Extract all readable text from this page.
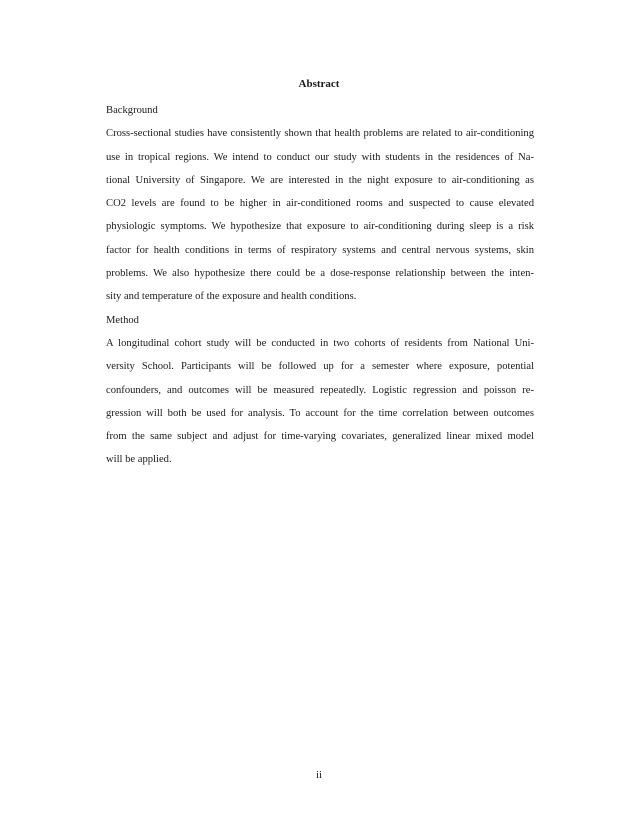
Abstract
Background
Cross-sectional studies have consistently shown that health problems are related to air-conditioning
use in tropical regions. We intend to conduct our study with students in the residences of Na-
tional University of Singapore. We are interested in the night exposure to air-conditioning as
CO2 levels are found to be higher in air-conditioned rooms and suspected to cause elevated
physiologic symptoms. We hypothesize that exposure to air-conditioning during sleep is a risk
factor for health conditions in terms of respiratory systems and central nervous systems, skin
problems. We also hypothesize there could be a dose-response relationship between the inten-
sity and temperature of the exposure and health conditions.
Method
A longitudinal cohort study will be conducted in two cohorts of residents from National Uni-
versity School. Participants will be followed up for a semester where exposure, potential
confounders, and outcomes will be measured repeatedly. Logistic regression and poisson re-
gression will both be used for analysis. To account for the time correlation between outcomes
from the same subject and adjust for time-varying covariates, generalized linear mixed model
will be applied.
ii
